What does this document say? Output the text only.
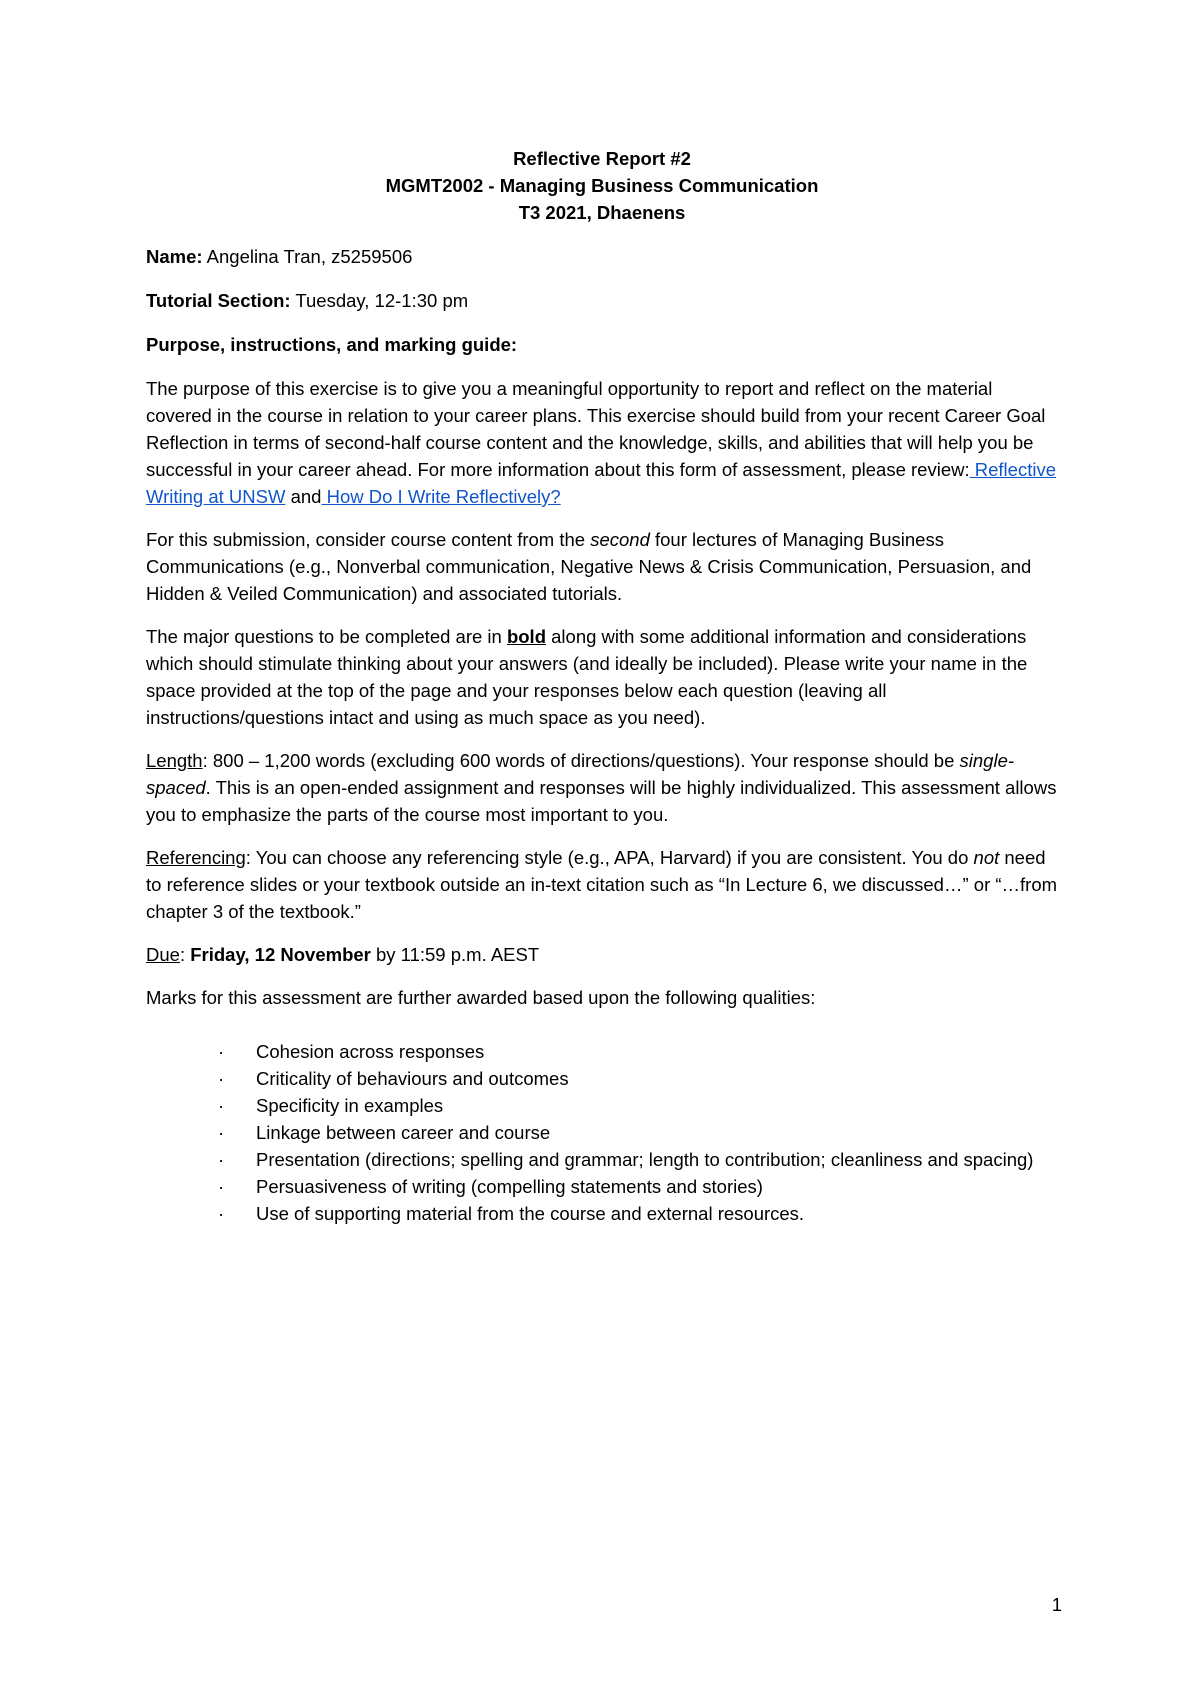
Reflective Report #2
MGMT2002 - Managing Business Communication
T3 2021, Dhaenens

Name: Angelina Tran, z5259506

Tutorial Section: Tuesday, 12-1:30 pm

Purpose, instructions, and marking guide:

The purpose of this exercise is to give you a meaningful opportunity to report and reflect on the material covered in the course in relation to your career plans. This exercise should build from your recent Career Goal Reflection in terms of second-half course content and the knowledge, skills, and abilities that will help you be successful in your career ahead. For more information about this form of assessment, please review: Reflective Writing at UNSW and How Do I Write Reflectively?

For this submission, consider course content from the second four lectures of Managing Business Communications (e.g., Nonverbal communication, Negative News & Crisis Communication, Persuasion, and Hidden & Veiled Communication) and associated tutorials.

The major questions to be completed are in bold along with some additional information and considerations which should stimulate thinking about your answers (and ideally be included). Please write your name in the space provided at the top of the page and your responses below each question (leaving all instructions/questions intact and using as much space as you need).

Length: 800 – 1,200 words (excluding 600 words of directions/questions). Your response should be single-spaced. This is an open-ended assignment and responses will be highly individualized. This assessment allows you to emphasize the parts of the course most important to you.

Referencing: You can choose any referencing style (e.g., APA, Harvard) if you are consistent. You do not need to reference slides or your textbook outside an in-text citation such as “In Lecture 6, we discussed…” or “…from chapter 3 of the textbook.”

Due: Friday, 12 November by 11:59 p.m. AEST

Marks for this assessment are further awarded based upon the following qualities:

· Cohesion across responses
· Criticality of behaviours and outcomes
· Specificity in examples
· Linkage between career and course
· Presentation (directions; spelling and grammar; length to contribution; cleanliness and spacing)
· Persuasiveness of writing (compelling statements and stories)
· Use of supporting material from the course and external resources.
1
